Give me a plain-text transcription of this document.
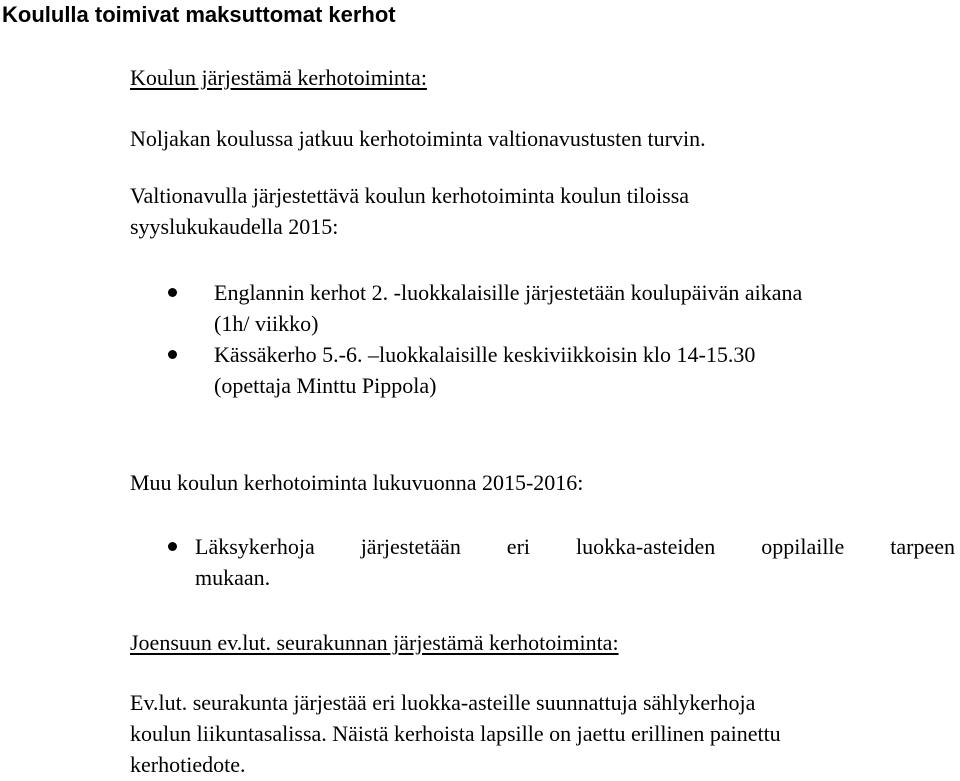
Koululla toimivat maksuttomat kerhot
Koulun järjestämä kerhotoiminta:
Noljakan koulussa jatkuu kerhotoiminta valtionavustusten turvin.
Valtionavulla järjestettävä koulun kerhotoiminta koulun tiloissa
syyslukukaudella 2015:
Englannin kerhot 2. -luokkalaisille järjestetään koulupäivän aikana
(1h/ viikko)
Kässäkerho 5.-6. –luokkalaisille keskiviikkoisin klo 14-15.30
(opettaja Minttu Pippola)
Muu koulun kerhotoiminta lukuvuonna 2015-2016:
Läksykerhoja järjestetään eri luokka-asteiden oppilaille tarpeen
mukaan.
Joensuun ev.lut. seurakunnan järjestämä kerhotoiminta:
Ev.lut. seurakunta järjestää eri luokka-asteille suunnattuja sählykerhoja
koulun liikuntasalissa. Näistä kerhoista lapsille on jaettu erillinen painettu
kerhotiedote.
